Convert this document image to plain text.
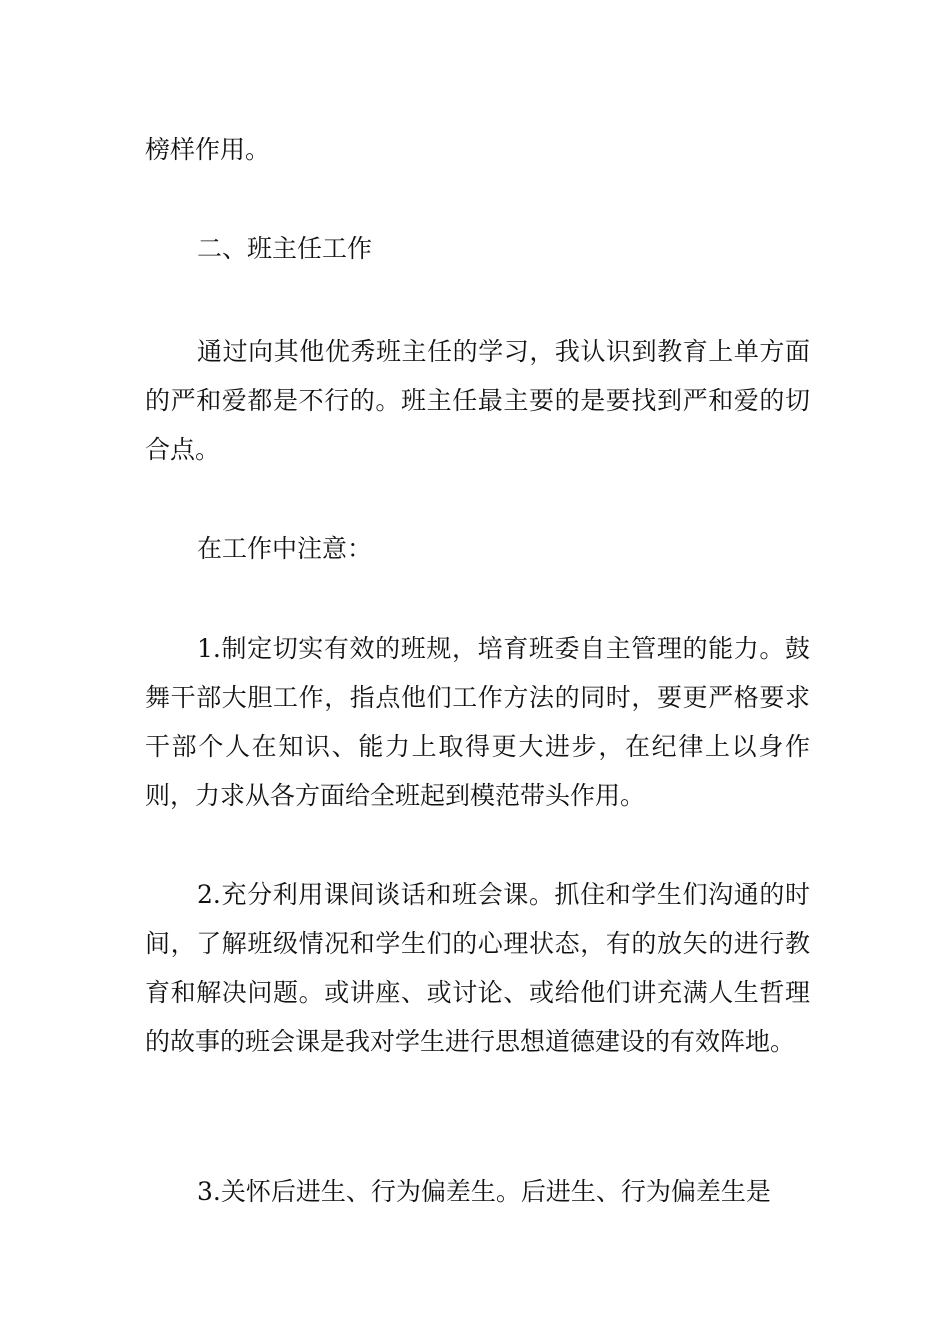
榜样作用。

二、班主任工作

通过向其他优秀班主任的学习，我认识到教育上单方面的严和爱都是不行的。班主任最主要的是要找到严和爱的切合点。

在工作中注意：

1.制定切实有效的班规，培育班委自主管理的能力。鼓舞干部大胆工作，指点他们工作方法的同时，要更严格要求干部个人在知识、能力上取得更大进步，在纪律上以身作则，力求从各方面给全班起到模范带头作用。

2.充分利用课间谈话和班会课。抓住和学生们沟通的时间，了解班级情况和学生们的心理状态，有的放矢的进行教育和解决问题。或讲座、或讨论、或给他们讲充满人生哲理的故事的班会课是我对学生进行思想道德建设的有效阵地。

3.关怀后进生、行为偏差生。后进生、行为偏差生是
